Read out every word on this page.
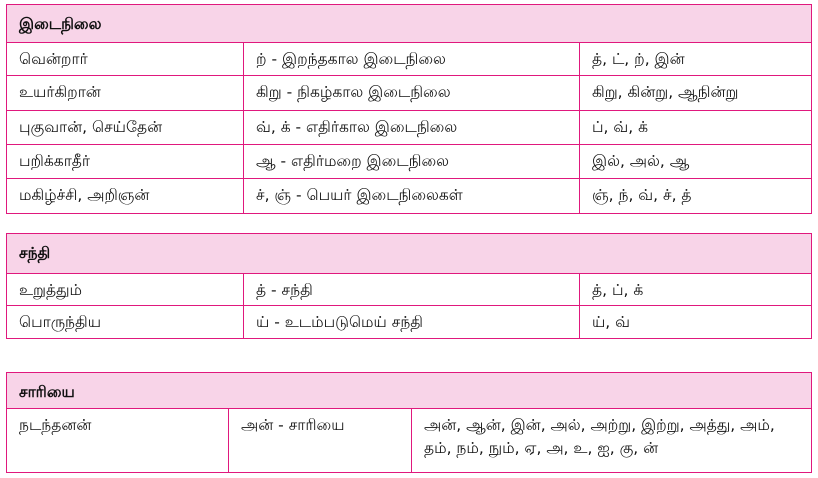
இடைநிலை		
வென்றார்	ற் - இறந்தகால இடைநிலை	த், ட், ற், இன்
உயர்கிறான்	கிறு - நிகழ்கால இடைநிலை	கிறு, கின்று, ஆநின்று
புகுவான், செய்தேன்	வ், க் - எதிர்கால இடைநிலை	ப், வ், க்
பறிக்காதீர்	ஆ - எதிர்மறை இடைநிலை	இல், அல், ஆ
மகிழ்ச்சி, அறிஞன்	ச், ஞ் - பெயர் இடைநிலைகள்	ஞ், ந், வ், ச், த்
சந்தி		
உறுத்தும்	த் - சந்தி	த், ப், க்
பொருந்திய	ய் - உடம்படுமெய் சந்தி	ய், வ்
சாரியை
நடந்தனன்	அன் - சாரியை	அன், ஆன், இன், அல், அற்று, இற்று, அத்து, அம், தம், நம், நும், ஏ, அ, உ, ஐ, கு, ன்
